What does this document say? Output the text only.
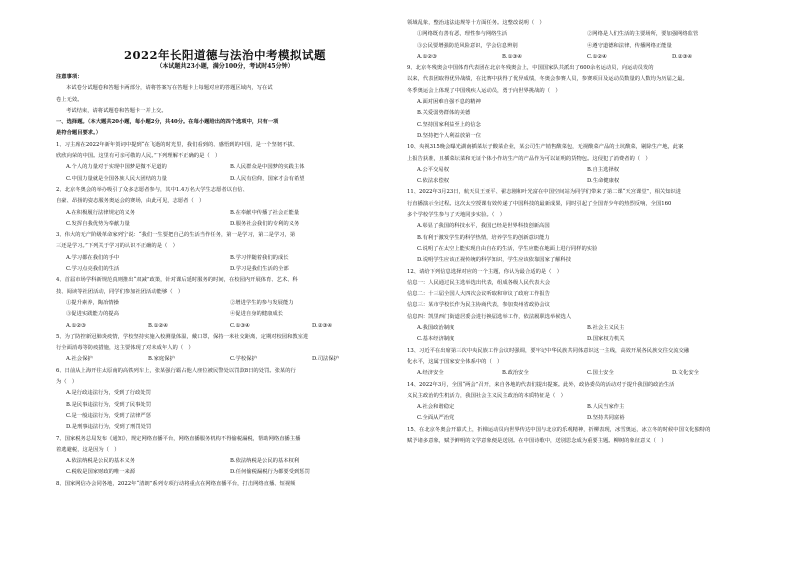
2022年长阳道德与法治中考模拟试题
（本试题共23小题，满分100分，考试时45分钟）
注意事项：
本试卷分试题卷和答题卡两部分，请将答案写在答题卡上每题对应的答题区域内，写在试
卷上无效。
考试结束，请将试题卷和答题卡一并上交。
一、选择题。（本大题共20小题，每小题2分，共40分。在每小题给出的四个选项中，只有一项
是符合题目要求。）
1、习主席在2022年新年贺词中提到“在飞逝的时光里，我们看到的、感悟到的中国，是一个坚韧不拔、
欣欣向荣的中国。这里有可亲可敬的人民。”下列理解不正确的是（　）
A.个人的力量对于实现中国梦是微不足道的	B.人民群众是中国梦的实践主体
C.中国力量就是全国各族人民大团结的力量	D.人民有信仰，国家才会有希望
2、北京冬奥会的举办吸引了众多志愿者参与，其中1.4万名大学生志愿者以自信、
自豪、昂扬的姿态服务奥运会的赛场，由此可见，志愿者（　）
A.在积极履行法律规定的义务	B.在奉献中传播了社会正能量
C.发挥自我优势为奉献力量	D.服务社会我们的专利的义务
3、伟大的无产阶级革命家列宁说：“我们一生要把自己的生活当作任务，第一是学习，第二是学习，第
三还是学习。”下列关于学习的认识不正确的是（　）
A.学习都在我们的手中	B.学习伴随着我们的成长
C.学习点亮我们的生活	D.学习是我们生活的全部
4、首届市场学科新规范真则推出“双减”政策，针对课后延时服务的时间，在校园内开展体育、艺术、科
技、阅读等社团活动，同学们参加社团活动能够（　）
①提升素养，陶冶情操	②增进学生的参与发展能力
③促进实践能力的提高	④促进自身的健康成长
A.①②③	B.①②④	C.①③④	D.②③④
5、为了防控新冠肺炎疫情，学校坚持实施入校测量体温，戴口罩，保持一米社交距离，定期对校园和教室进
行全面消毒等防疫措施，这主要体现了对未成年人的（　）
A.社会保护	B.家庭保护	C.学校保护	D.司法保护
6、日前从上海开往太原南的高铁列车上，张某强行霸占他人座位被民警处以罚款8日的处罚。张某的行
为（　）
A.是行政违法行为，受到了行政处罚
B.是民事违法行为，受到了民事处罚
C.是一般违法行为，受到了法律严惩
D.是刑事违法行为，受到了刑罚处罚
7、国家税务总局发布《通知》，规定网络直播平台，网络直播服务机构不得偷税漏税，帮助网络直播主播
着逃避税，这是因为（　）
A.依法纳税是公民的基本义务	B.依法纳税是公民的基本权利
C.税收是国家财政的唯一来源	D.任何偷税漏税行为都要受到惩罚
8、国家网信办会同各地，2022年“清朗”系列专项行动将重点在网络直播平台，打击网络直播、短视频
领域乱象，整治违法违规等十方面任务。这整改说明（　）
①网络既有善有恶，理性参与网络生活	②网络是人们生活的主要场所，要加强网络监管
③公民要增强防范风险意识，学会信息辨别	④遵守道德和法律，传播网络正能量
A.①②③	B.①③④	C.①②④	D.②③④
9、北京冬残奥会中国体育代表团在北京冬残奥会上，中国国家队共派出了600余名运动员，向运动员发的
以来，代表团取得优异战绩，在比赛中获得了优异成绩，冬奥会参赛人员，参赛项目及运动员数量的人数均为历届之最。
冬季奥运会上体现了中国残疾人运动员，勇于向世界挑战的（　）
A.面对困难自强不息的精神
B.关爱弱势群体的美德
C.坚持国家利益至上的信念
D.坚持把个人利益放第一位
10、央视315晚会曝光湖南插菜坛子酸菜企业，某公司生产销售酸菜包，无视酸菜产品的土坑酸菜，剔除生产地，此案
上报告获准，且插菜坛菜和无证个体小作坊生产的产品作为可以证明的货物包。这侵犯了消费者的（　）
A.公平交易权	B.自主选择权
C.依法求偿权	D.生命健康权
11、2022年3月23日，航天员王亚平、翟志刚和叶光富在中国空间站为同学们带来了第二课“天宫课堂”，相关知识进
行直播演示全过程。这次太空授课有效传递了中国科技的最新成果，同时引起了全国青少年的热烈反响，全国160
多个学校学生参与了天地同步实验。（　）
A.彰显了我国的科技水平，我国已经是世界科技创新高国
B.有利于激发学生的科学热情，培养学生的创新意识能力
C.说明了在太空上能实现自由自在的生活，学生应能在地面上进行同样的实验
D.说明学生应该正视传统的科学知识，学生应该依靠国家了解科技
12、请给下列信息选择对应的一个主题，你认为最合适的是（　）
信息一：人民通过民主选举选出代表，组成各级人民代表大会
信息二：十三届全国人大四次会议听取和审议了政府工作报告
信息三：某市学校长作为民主协商代表，参加贵州省政协会议
信息四：凯里西门街道居委会进行换届选举工作，依法履职选举候选人
A.我国政治制度	B.社会主义民主
C.基本经济制度	D.国家权力机关
13、习近平在出席第三次中央民族工作会议时强调，要牢记中华民族共同体意识这一主线，高效开展各民族交往交流交融
化水平，这属于国家安全体系中的（　）
A.经济安全	B.政治安全	C.国土安全	D.文化安全
14、2022年3月，全国“两会”召开，来自各地的代表们提出提案。此外，政协委员的活动对于提升我国的政治生活
义民主政治的生机活力，我国社会主义民主政治的本质特征是（　）
A.社会和谐稳定	B.人民当家作主
C.全面从严治党	D.坚持共同富裕
15、在北京冬奥会开幕式上，折梯运动员向世界传达中国与北京的乐观精神，折柳表现，冰雪奥运，冰立冬的时候中国文化独特的
赋予诸多意象，赋予鲜明的文学意象便是送别。在中国诗歌中，送别思念成为重要主题。柳树的象征意义（　）
